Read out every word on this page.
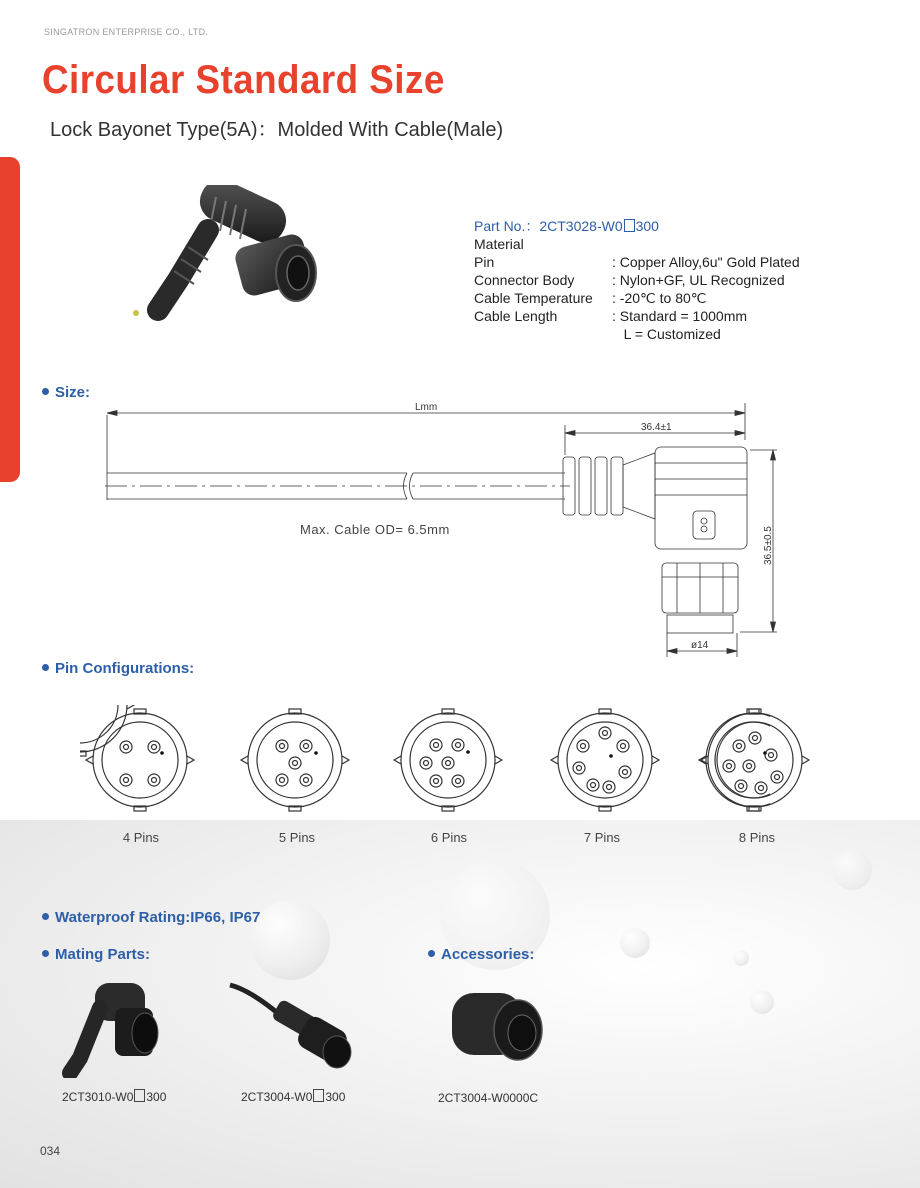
SINGATRON ENTERPRISE CO., LTD.
Circular Standard Size
Lock Bayonet Type(5A)：Molded With Cable(Male)
Part No.：2CT3028-W0 300
Material
Pin	: Copper Alloy,6u" Gold Plated
Connector Body	: Nylon+GF, UL Recognized
Cable Temperature	: -20℃ to 80℃
Cable Length	: Standard = 1000mm
L = Customized
Size:
Lmm
36.4±1
ø14
36.5±0.5
Max. Cable OD= 6.5mm
Pin Configurations:
4 Pins	5 Pins	6 Pins	7 Pins	8 Pins
Waterproof Rating:IP66, IP67
Mating Parts:	Accessories:
2CT3010-W0 300	2CT3004-W0 300	2CT3004-W0000C
034
